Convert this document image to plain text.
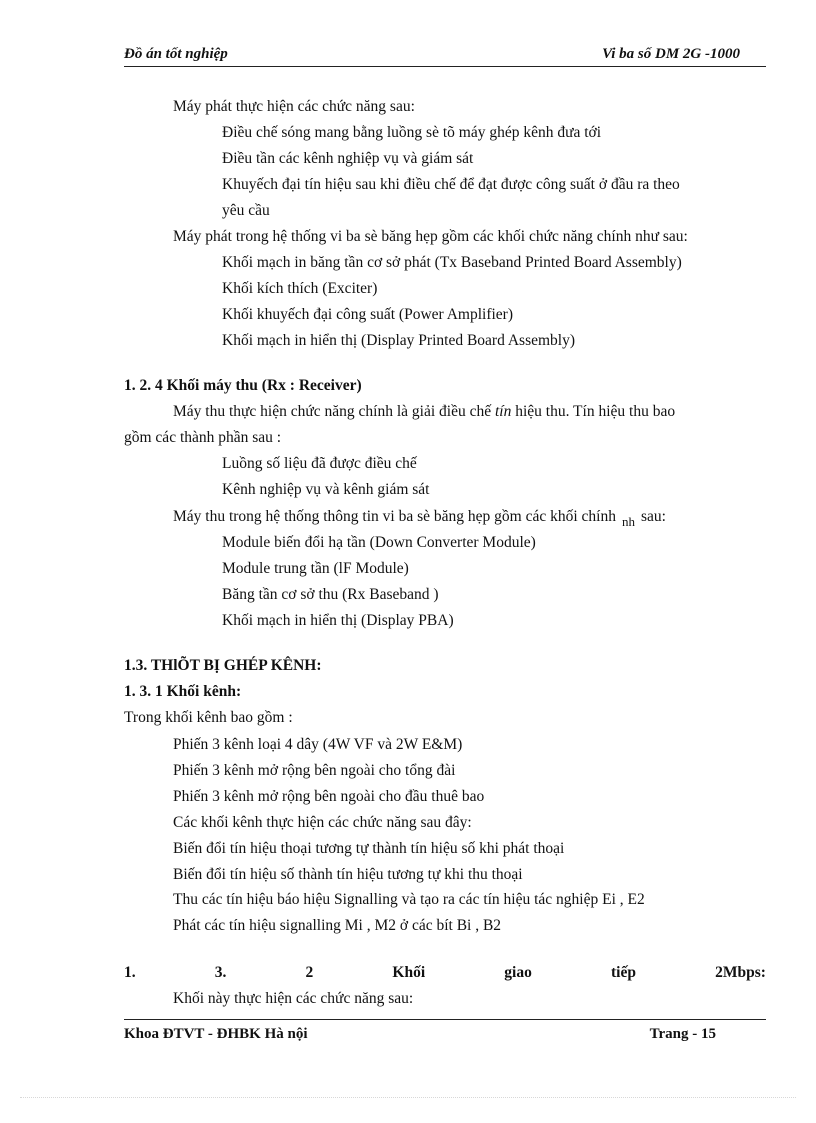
Đồ án tốt nghiệp	Vi ba số DM 2G -1000
Máy phát thực hiện các chức năng sau:
Điều chế sóng mang bằng luồng sè tõ máy ghép kênh đưa tới
Điều tần các kênh nghiệp vụ và giám sát
Khuyếch đại tín hiệu sau khi điều chế để đạt được công suất ở đầu ra theo
yêu cầu
Máy phát trong hệ thống vi ba sè băng hẹp gồm các khối chức năng chính như sau:
Khối mạch in băng tần cơ sở phát (Tx Baseband Printed Board Assembly)
Khối kích thích (Exciter)
Khối khuyếch đại công suất (Power Amplifier)
Khối mạch in hiển thị (Display Printed Board Assembly)
1. 2. 4 Khối máy thu (Rx : Receiver)
Máy thu thực hiện chức năng chính là giải điều chế tín hiệu thu. Tín hiệu thu bao
gồm các thành phần sau :
Luồng số liệu đã được điều chế
Kênh nghiệp vụ và kênh giám sát
Máy thu trong hệ thống thông tin vi ba sè băng hẹp gồm các khối chính $_{nh}$ sau:
Module biến đổi hạ tần (Down Converter Module)
Module trung tần (lF Module)
Băng tần cơ sở thu (Rx Baseband )
Khối mạch in hiển thị (Display PBA)
1.3. THlÕT BỊ GHÉP KÊNH:
1. 3. 1 Khối kênh:
Trong khối kênh bao gồm :
Phiến 3 kênh loại 4 dây (4W VF và 2W E&M)
Phiến 3 kênh mở rộng bên ngoài cho tổng đài
Phiến 3 kênh mở rộng bên ngoài cho đầu thuê bao
Các khối kênh thực hiện các chức năng sau đây:
Biến đổi tín hiệu thoại tương tự thành tín hiệu số khi phát thoại
Biến đổi tín hiệu số thành tín hiệu tương tự khi thu thoại
Thu các tín hiệu báo hiệu Signalling và tạo ra các tín hiệu tác nghiệp Ei , E2
Phát các tín hiệu signalling Mi , M2 ở các bít Bi , B2
1.	3.	2	Khối	giao	tiếp	2Mbps:
Khối này thực hiện các chức năng sau:
Khoa ĐTVT - ĐHBK Hà nội	Trang - 15
